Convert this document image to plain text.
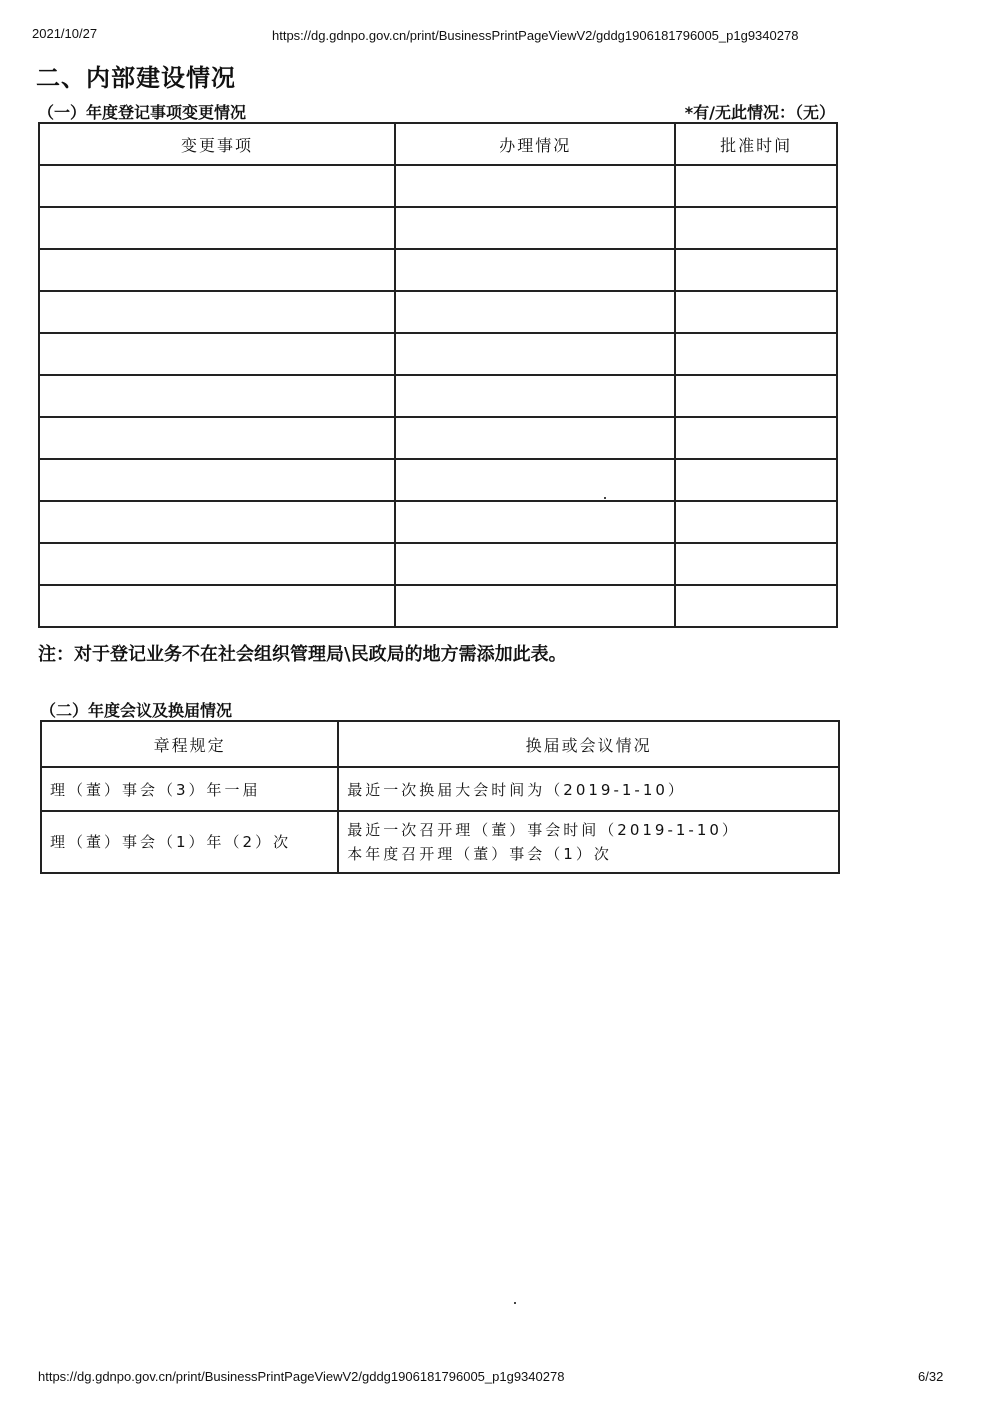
2021/10/27	https://dg.gdnpo.gov.cn/print/BusinessPrintPageViewV2/gddg1906181796005_p1g9340278
二、内部建设情况
（一）年度登记事项变更情况	*有/无此情况：（无）
变更事项	办理情况	批准时间

注：对于登记业务不在社会组织管理局\民政局的地方需添加此表。
（二）年度会议及换届情况
章程规定	换届或会议情况
理（董）事会（3）年一届	最近一次换届大会时间为（2019-1-10）
理（董）事会（1）年（2）次	最近一次召开理（董）事会时间（2019-1-10）
本年度召开理（董）事会（1）次
https://dg.gdnpo.gov.cn/print/BusinessPrintPageViewV2/gddg1906181796005_p1g9340278	6/32
